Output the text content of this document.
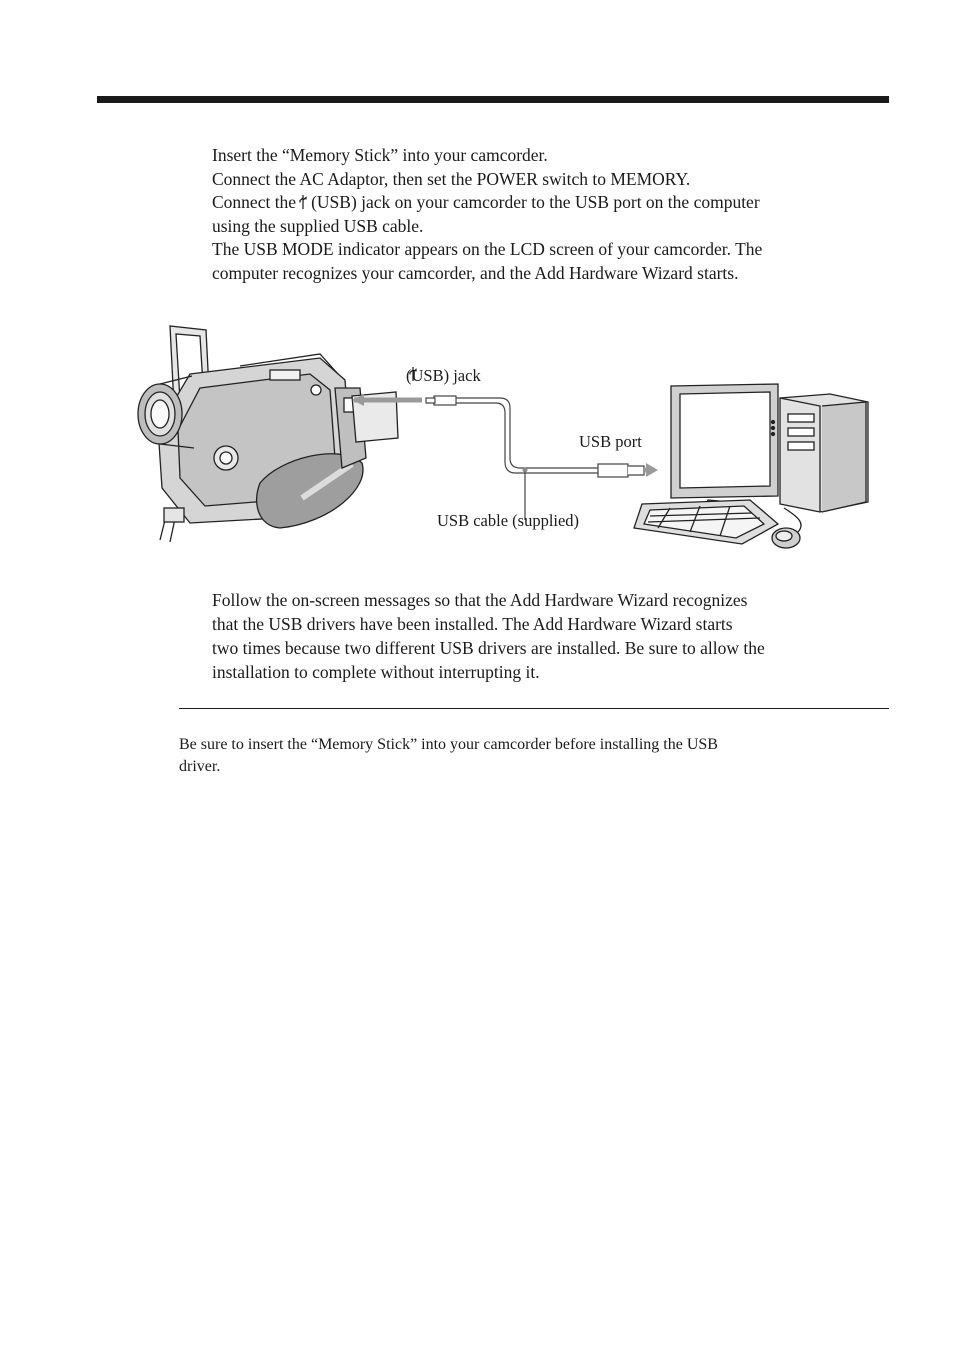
Insert the “Memory Stick” into your camcorder.
Connect the AC Adaptor, then set the POWER switch to MEMORY.
Connect the (USB) jack on your camcorder to the USB port on the computer
using the supplied USB cable.
The USB MODE indicator appears on the LCD screen of your camcorder. The
computer recognizes your camcorder, and the Add Hardware Wizard starts.
(USB) jack
USB port
USB cable (supplied)
Follow the on-screen messages so that the Add Hardware Wizard recognizes
that the USB drivers have been installed. The Add Hardware Wizard starts
two times because two different USB drivers are installed. Be sure to allow the
installation to complete without interrupting it.
Be sure to insert the “Memory Stick” into your camcorder before installing the USB
driver.
